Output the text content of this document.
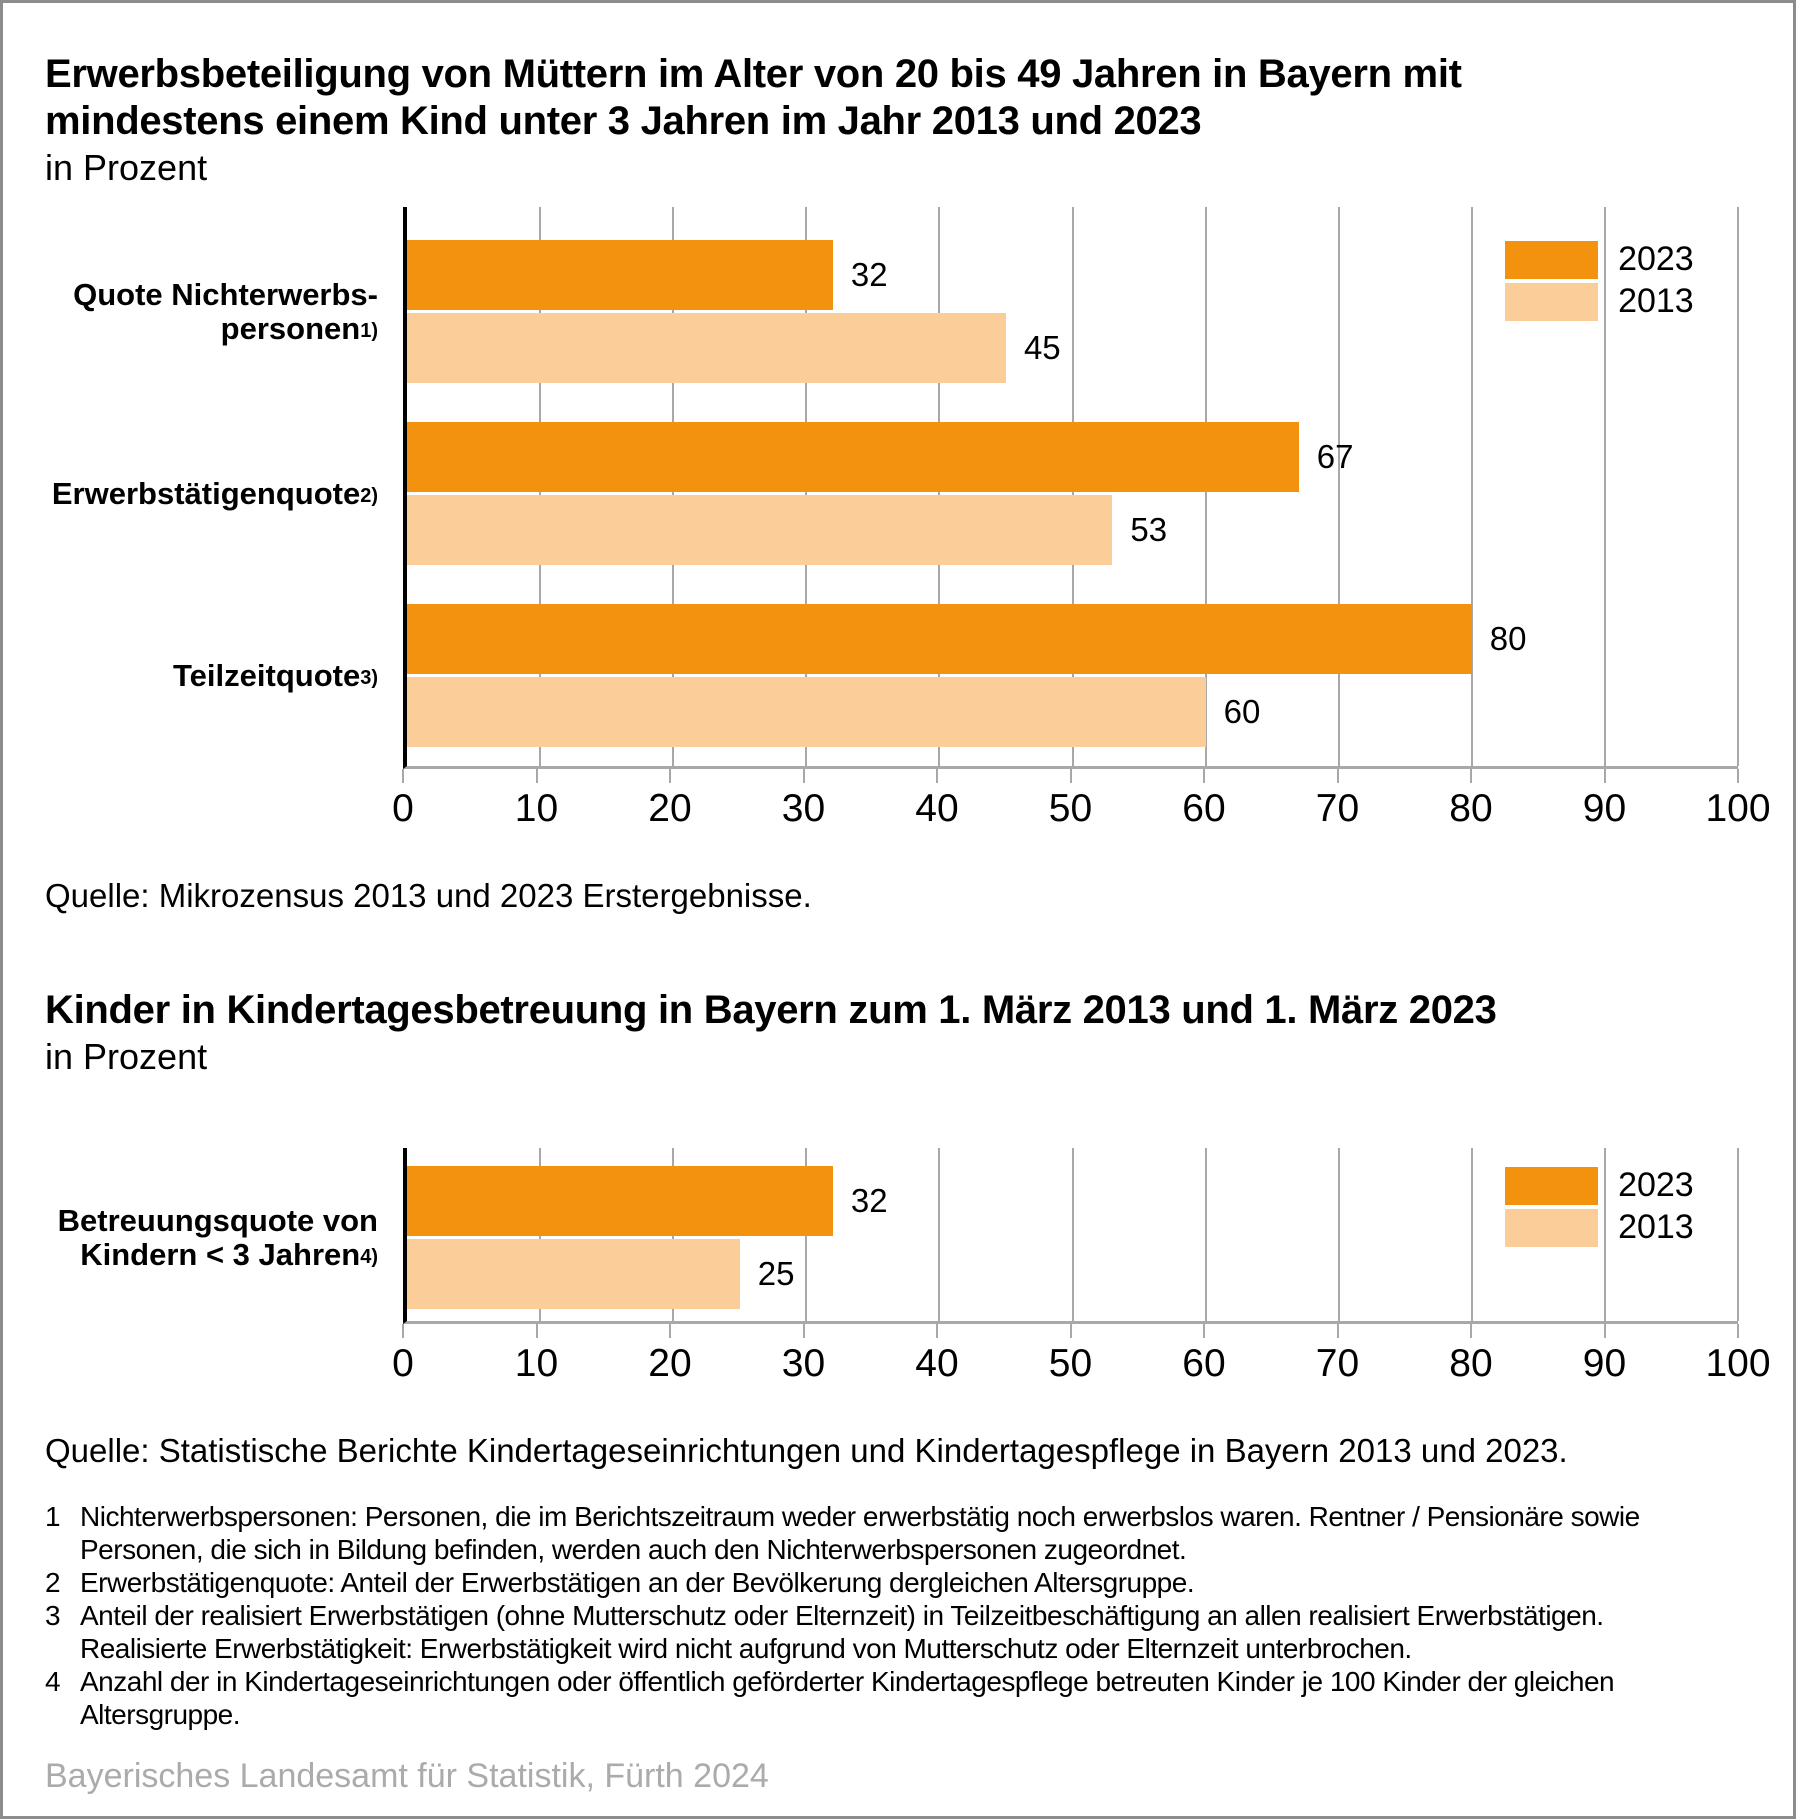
Erwerbsbeteiligung von Müttern im Alter von 20 bis 49 Jahren in Bayern mit
mindestens einem Kind unter 3 Jahren im Jahr 2013 und 2023
in Prozent
Quote Nichterwerbs-
personen$^{1)}$
Erwerbstätigenquote$^{2)}$
Teilzeitquote$^{3)}$
32
45
67
53
80
60
2023
2013
0	10 20 30 40 50 60 70 80 90 100
Quelle: Mikrozensus 2013 und 2023 Erstergebnisse.
Kinder in Kindertagesbetreuung in Bayern zum 1. März 2013 und 1. März 2023
in Prozent
Betreuungsquote von
Kindern < 3 Jahren$^{4)}$
32
25
2023
2013
0	10 20 30 40 50 60 70 80 90 100
Quelle: Statistische Berichte Kindertageseinrichtungen und Kindertagespflege in Bayern 2013 und 2023.
1 Nichterwerbspersonen: Personen, die im Berichtszeitraum weder erwerbstätig noch erwerbslos waren. Rentner / Pensionäre sowie
Personen, die sich in Bildung befinden, werden auch den Nichterwerbspersonen zugeordnet.
2 Erwerbstätigenquote: Anteil der Erwerbstätigen an der Bevölkerung dergleichen Altersgruppe.
3 Anteil der realisiert Erwerbstätigen (ohne Mutterschutz oder Elternzeit) in Teilzeitbeschäftigung an allen realisiert Erwerbstätigen.
Realisierte Erwerbstätigkeit: Erwerbstätigkeit wird nicht aufgrund von Mutterschutz oder Elternzeit unterbrochen.
4 Anzahl der in Kindertageseinrichtungen oder öffentlich geförderter Kindertagespflege betreuten Kinder je 100 Kinder der gleichen
Altersgruppe.
Bayerisches Landesamt für Statistik, Fürth 2024
